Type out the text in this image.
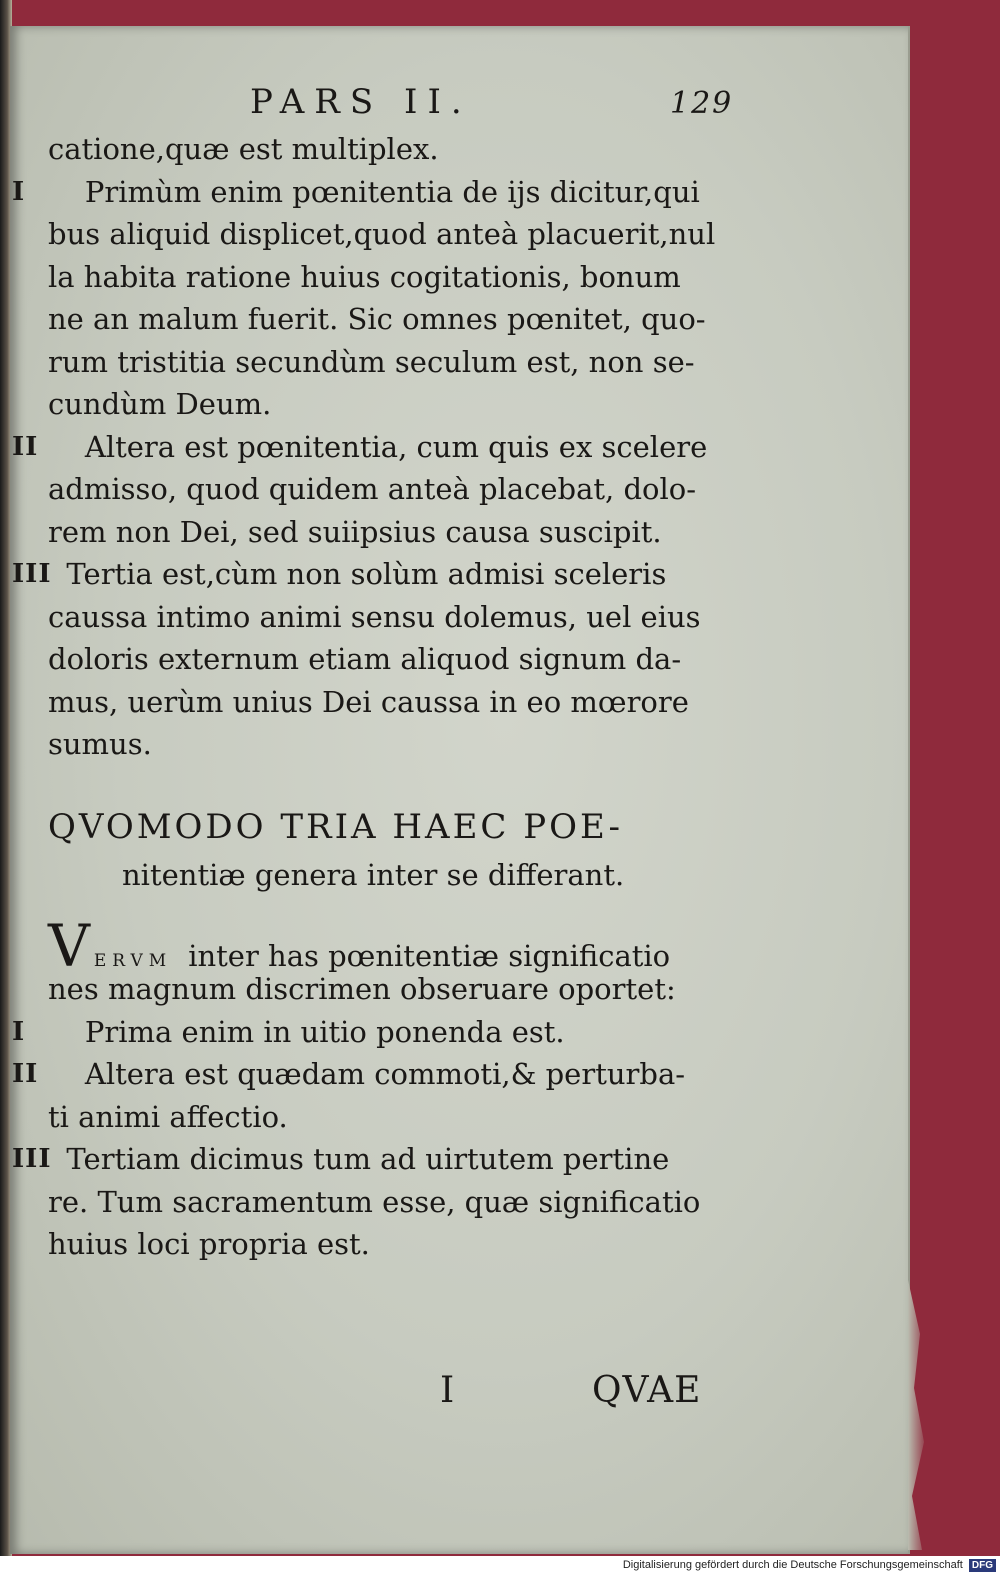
PARS II.	129
catione,quæ est multiplex.
I Primùm enim pœnitentia de ijs dicitur,qui
bus aliquid displicet,quod anteà placuerit,nul
la habita ratione huius cogitationis, bonum
ne an malum fuerit. Sic omnes pœnitet, quo-
rum tristitia secundùm seculum est, non se-
cundùm Deum.
II Altera est pœnitentia, cum quis ex scelere
admisso, quod quidem anteà placebat, dolo-
rem non Dei, sed suiipsius causa suscipit.
III
Tertia est,cùm non solùm admisi sceleris
caussa intimo animi sensu dolemus, uel eius
doloris externum etiam aliquod signum da-
mus, uerùm unius Dei caussa in eo mœrore
sumus.
QVOMODO TRIA HAEC POE-
nitentiæ genera inter se differant.
VERVM inter has pœnitentiæ significatio
nes magnum discrimen obseruare oportet:
I Prima enim in uitio ponenda est.
II Altera est quædam commoti,& perturba-
ti animi affectio.
III
Tertiam dicimus tum ad uirtutem pertine
re. Tum sacramentum esse, quæ significatio
huius loci propria est.
I	QVAE
Digitalisierung gefördert durch die Deutsche Forschungsgemeinschaft DFG
